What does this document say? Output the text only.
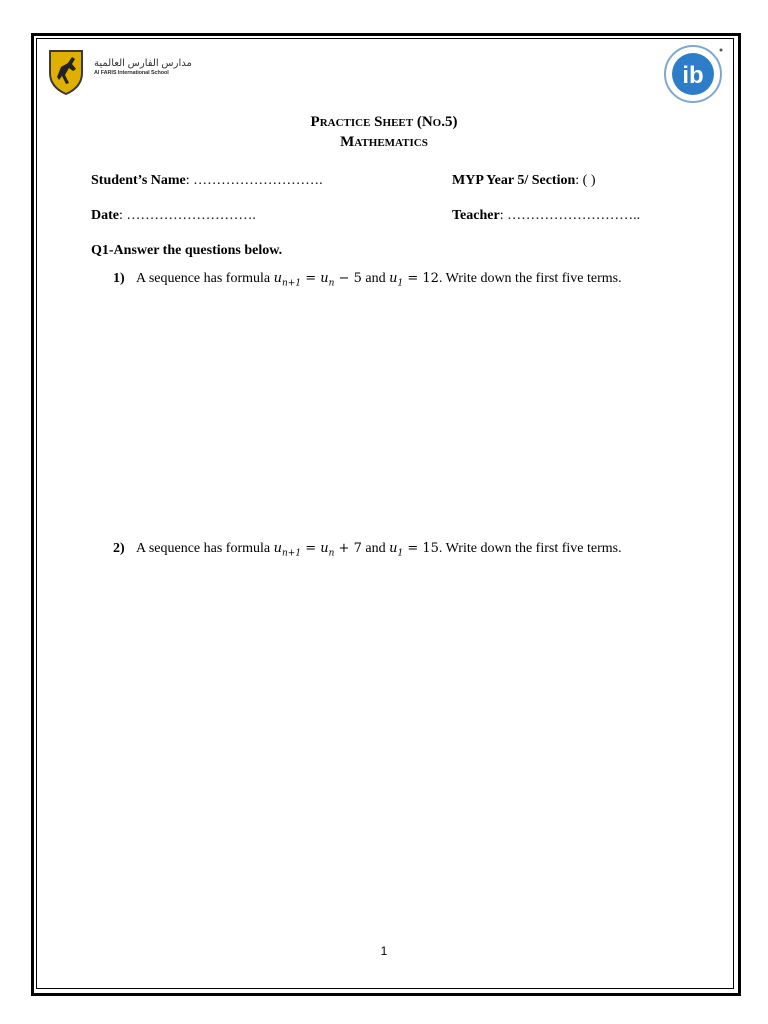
مدارس الفارس العالمية
Al FARIS International School	ib
Practice Sheet (No.5)
Mathematics
Student’s Name: ……………………….	MYP Year 5/ Section: ( )
Date: ……………………….	Teacher: ………………………..
Q1-Answer the questions below.
1) A sequence has formula $u_{n+1} = u_n - 5$ and $u_1 = 12$. Write down the first five terms.
2) A sequence has formula $u_{n+1} = u_n + 7$ and $u_1 = 15$. Write down the first five terms.
1
